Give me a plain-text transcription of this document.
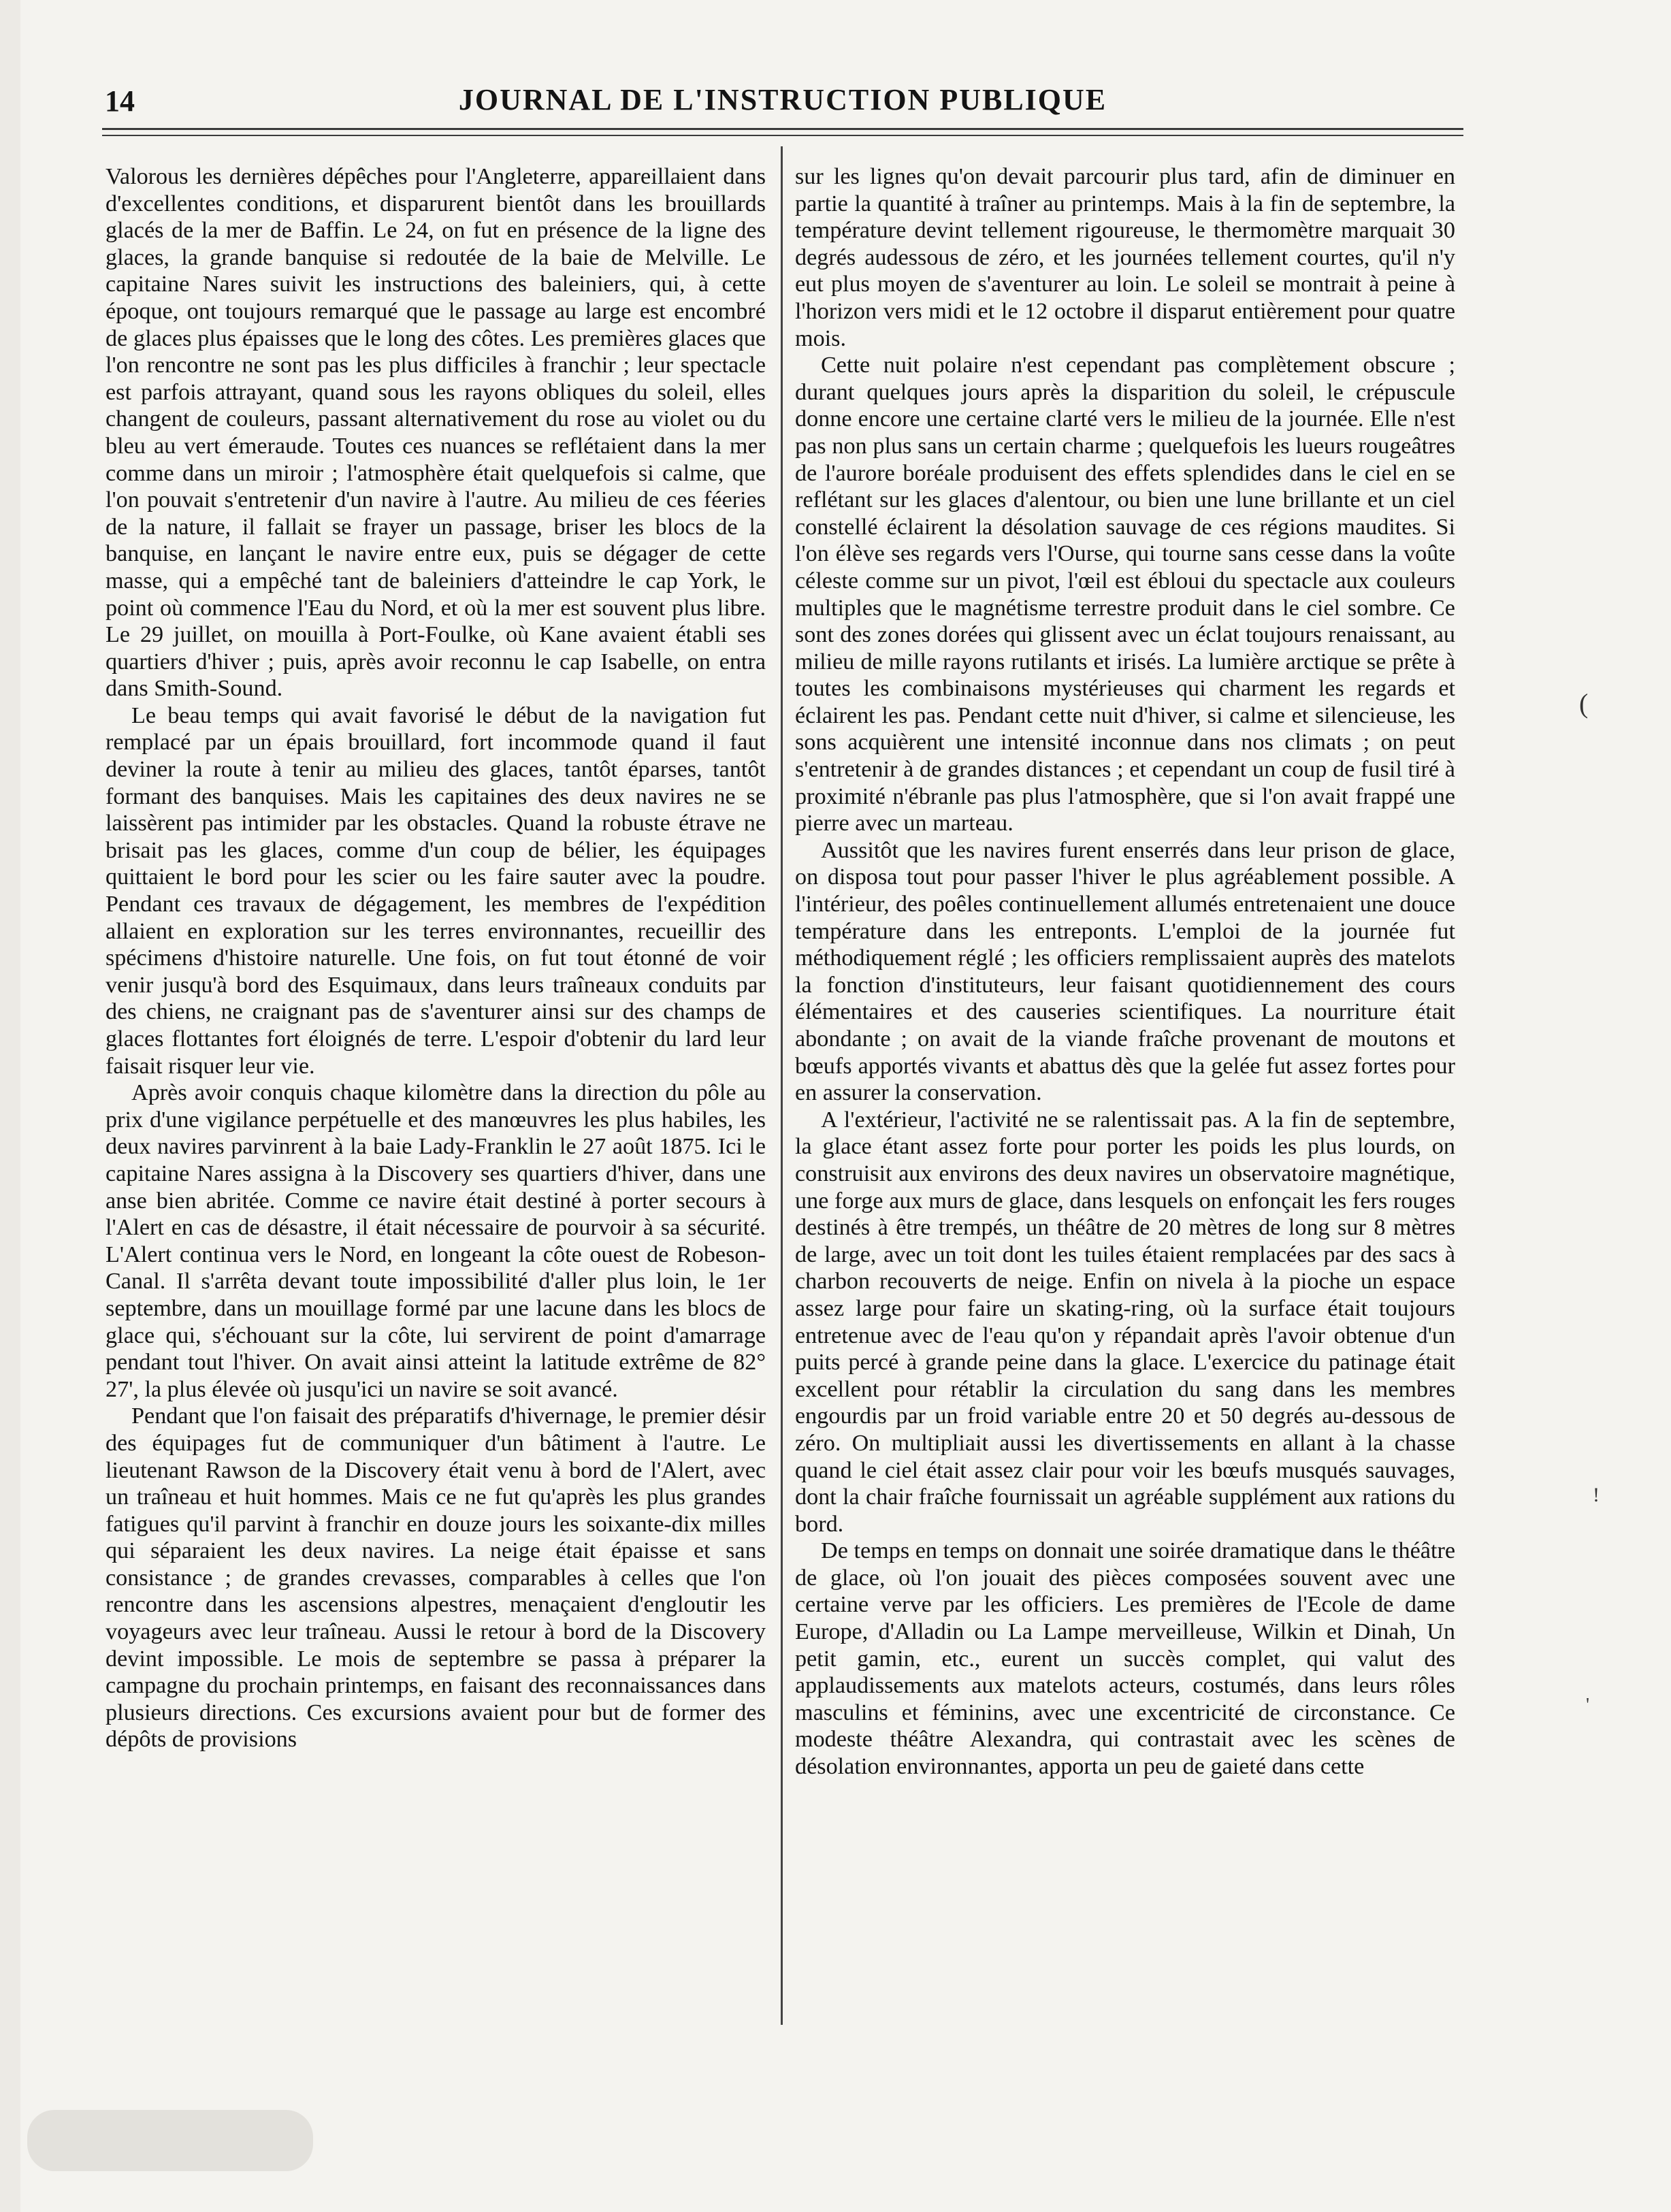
14	JOURNAL DE L'INSTRUCTION PUBLIQUE

Valorous les dernières dépêches pour l'Angleterre, appareillaient dans d'excellentes conditions, et disparurent bientôt dans les brouillards glacés de la mer de Baffin. Le 24, on fut en présence de la ligne des glaces, la grande banquise si redoutée de la baie de Melville. Le capitaine Nares suivit les instructions des baleiniers, qui, à cette époque, ont toujours remarqué que le passage au large est encombré de glaces plus épaisses que le long des côtes. Les premières glaces que l'on rencontre ne sont pas les plus difficiles à franchir ; leur spectacle est parfois attrayant, quand sous les rayons obliques du soleil, elles changent de couleurs, passant alternativement du rose au violet ou du bleu au vert émeraude. Toutes ces nuances se reflétaient dans la mer comme dans un miroir ; l'atmosphère était quelquefois si calme, que l'on pouvait s'entretenir d'un navire à l'autre. Au milieu de ces féeries de la nature, il fallait se frayer un passage, briser les blocs de la banquise, en lançant le navire entre eux, puis se dégager de cette masse, qui a empêché tant de baleiniers d'atteindre le cap York, le point où commence l'Eau du Nord, et où la mer est souvent plus libre. Le 29 juillet, on mouilla à Port-Foulke, où Kane avaient établi ses quartiers d'hiver ; puis, après avoir reconnu le cap Isabelle, on entra dans Smith-Sound.

Le beau temps qui avait favorisé le début de la navigation fut remplacé par un épais brouillard, fort incommode quand il faut deviner la route à tenir au milieu des glaces, tantôt éparses, tantôt formant des banquises. Mais les capitaines des deux navires ne se laissèrent pas intimider par les obstacles. Quand la robuste étrave ne brisait pas les glaces, comme d'un coup de bélier, les équipages quittaient le bord pour les scier ou les faire sauter avec la poudre. Pendant ces travaux de dégagement, les membres de l'expédition allaient en exploration sur les terres environnantes, recueillir des spécimens d'histoire naturelle. Une fois, on fut tout étonné de voir venir jusqu'à bord des Esquimaux, dans leurs traîneaux conduits par des chiens, ne craignant pas de s'aventurer ainsi sur des champs de glaces flottantes fort éloignés de terre. L'espoir d'obtenir du lard leur faisait risquer leur vie.

Après avoir conquis chaque kilomètre dans la direction du pôle au prix d'une vigilance perpétuelle et des manœuvres les plus habiles, les deux navires parvinrent à la baie Lady-Franklin le 27 août 1875. Ici le capitaine Nares assigna à la Discovery ses quartiers d'hiver, dans une anse bien abritée. Comme ce navire était destiné à porter secours à l'Alert en cas de désastre, il était nécessaire de pourvoir à sa sécurité. L'Alert continua vers le Nord, en longeant la côte ouest de Robeson-Canal. Il s'arrêta devant toute impossibilité d'aller plus loin, le 1er septembre, dans un mouillage formé par une lacune dans les blocs de glace qui, s'échouant sur la côte, lui servirent de point d'amarrage pendant tout l'hiver. On avait ainsi atteint la latitude extrême de 82° 27', la plus élevée où jusqu'ici un navire se soit avancé.

Pendant que l'on faisait des préparatifs d'hivernage, le premier désir des équipages fut de communiquer d'un bâtiment à l'autre. Le lieutenant Rawson de la Discovery était venu à bord de l'Alert, avec un traîneau et huit hommes. Mais ce ne fut qu'après les plus grandes fatigues qu'il parvint à franchir en douze jours les soixante-dix milles qui séparaient les deux navires. La neige était épaisse et sans consistance ; de grandes crevasses, comparables à celles que l'on rencontre dans les ascensions alpestres, menaçaient d'engloutir les voyageurs avec leur traîneau. Aussi le retour à bord de la Discovery devint impossible. Le mois de septembre se passa à préparer la campagne du prochain printemps, en faisant des reconnaissances dans plusieurs directions. Ces excursions avaient pour but de former des dépôts de provisions

sur les lignes qu'on devait parcourir plus tard, afin de diminuer en partie la quantité à traîner au printemps. Mais à la fin de septembre, la température devint tellement rigoureuse, le thermomètre marquait 30 degrés audessous de zéro, et les journées tellement courtes, qu'il n'y eut plus moyen de s'aventurer au loin. Le soleil se montrait à peine à l'horizon vers midi et le 12 octobre il disparut entièrement pour quatre mois.

Cette nuit polaire n'est cependant pas complètement obscure ; durant quelques jours après la disparition du soleil, le crépuscule donne encore une certaine clarté vers le milieu de la journée. Elle n'est pas non plus sans un certain charme ; quelquefois les lueurs rougeâtres de l'aurore boréale produisent des effets splendides dans le ciel en se reflétant sur les glaces d'alentour, ou bien une lune brillante et un ciel constellé éclairent la désolation sauvage de ces régions maudites. Si l'on élève ses regards vers l'Ourse, qui tourne sans cesse dans la voûte céleste comme sur un pivot, l'œil est ébloui du spectacle aux couleurs multiples que le magnétisme terrestre produit dans le ciel sombre. Ce sont des zones dorées qui glissent avec un éclat toujours renaissant, au milieu de mille rayons rutilants et irisés. La lumière arctique se prête à toutes les combinaisons mystérieuses qui charment les regards et éclairent les pas. Pendant cette nuit d'hiver, si calme et silencieuse, les sons acquièrent une intensité inconnue dans nos climats ; on peut s'entretenir à de grandes distances ; et cependant un coup de fusil tiré à proximité n'ébranle pas plus l'atmosphère, que si l'on avait frappé une pierre avec un marteau.

Aussitôt que les navires furent enserrés dans leur prison de glace, on disposa tout pour passer l'hiver le plus agréablement possible. A l'intérieur, des poêles continuellement allumés entretenaient une douce température dans les entreponts. L'emploi de la journée fut méthodiquement réglé ; les officiers remplissaient auprès des matelots la fonction d'instituteurs, leur faisant quotidiennement des cours élémentaires et des causeries scientifiques. La nourriture était abondante ; on avait de la viande fraîche provenant de moutons et bœufs apportés vivants et abattus dès que la gelée fut assez fortes pour en assurer la conservation.

A l'extérieur, l'activité ne se ralentissait pas. A la fin de septembre, la glace étant assez forte pour porter les poids les plus lourds, on construisit aux environs des deux navires un observatoire magnétique, une forge aux murs de glace, dans lesquels on enfonçait les fers rouges destinés à être trempés, un théâtre de 20 mètres de long sur 8 mètres de large, avec un toit dont les tuiles étaient remplacées par des sacs à charbon recouverts de neige. Enfin on nivela à la pioche un espace assez large pour faire un skating-ring, où la surface était toujours entretenue avec de l'eau qu'on y répandait après l'avoir obtenue d'un puits percé à grande peine dans la glace. L'exercice du patinage était excellent pour rétablir la circulation du sang dans les membres engourdis par un froid variable entre 20 et 50 degrés au-dessous de zéro. On multipliait aussi les divertissements en allant à la chasse quand le ciel était assez clair pour voir les bœufs musqués sauvages, dont la chair fraîche fournissait un agréable supplément aux rations du bord.

De temps en temps on donnait une soirée dramatique dans le théâtre de glace, où l'on jouait des pièces composées souvent avec une certaine verve par les officiers. Les premières de l'Ecole de dame Europe, d'Alladin ou La Lampe merveilleuse, Wilkin et Dinah, Un petit gamin, etc., eurent un succès complet, qui valut des applaudissements aux matelots acteurs, costumés, dans leurs rôles masculins et féminins, avec une excentricité de circonstance. Ce modeste théâtre Alexandra, qui contrastait avec les scènes de désolation environnantes, apporta un peu de gaieté dans cette

(
!
'
